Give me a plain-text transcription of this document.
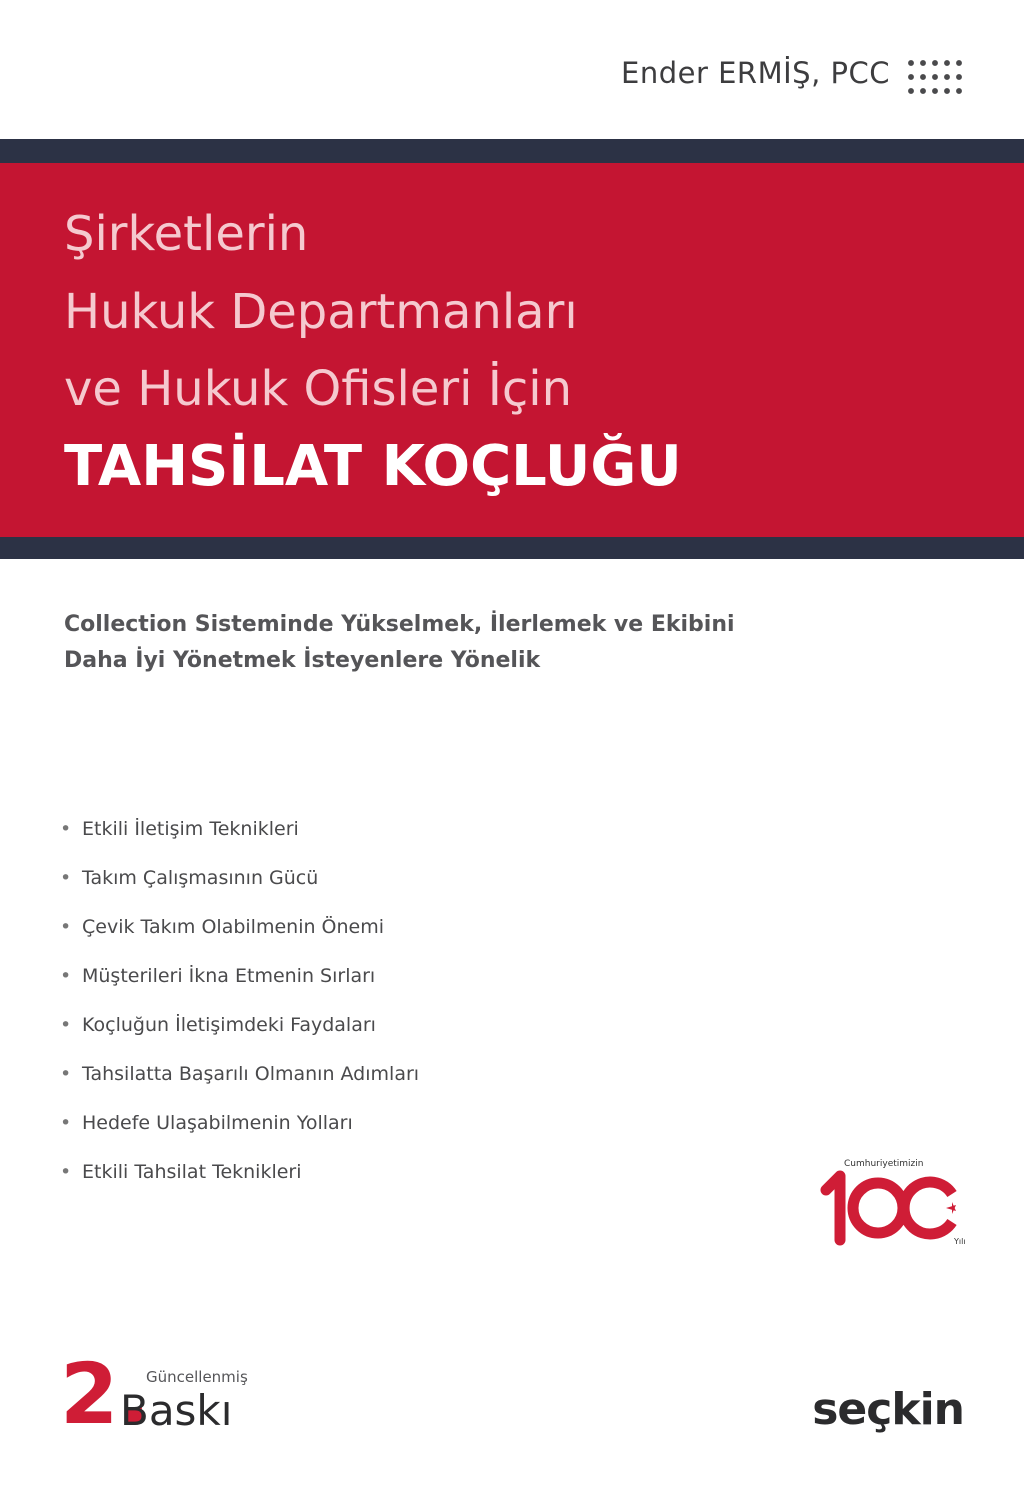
Ender ERMİŞ, PCC
Şirketlerin
Hukuk Departmanları
ve Hukuk Ofisleri İçin
TAHSİLAT KOÇLUĞU
Collection Sisteminde Yükselmek, İlerlemek ve Ekibini
Daha İyi Yönetmek İsteyenlere Yönelik
• Etkili İletişim Teknikleri
• Takım Çalışmasının Gücü
• Çevik Takım Olabilmenin Önemi
• Müşterileri İkna Etmenin Sırları
• Koçluğun İletişimdeki Faydaları
• Tahsilatta Başarılı Olmanın Adımları
• Hedefe Ulaşabilmenin Yolları
• Etkili Tahsilat Teknikleri	Cumhuriyetimizin
Yılı
2.
Güncellenmiş
Baskı	seçkin
